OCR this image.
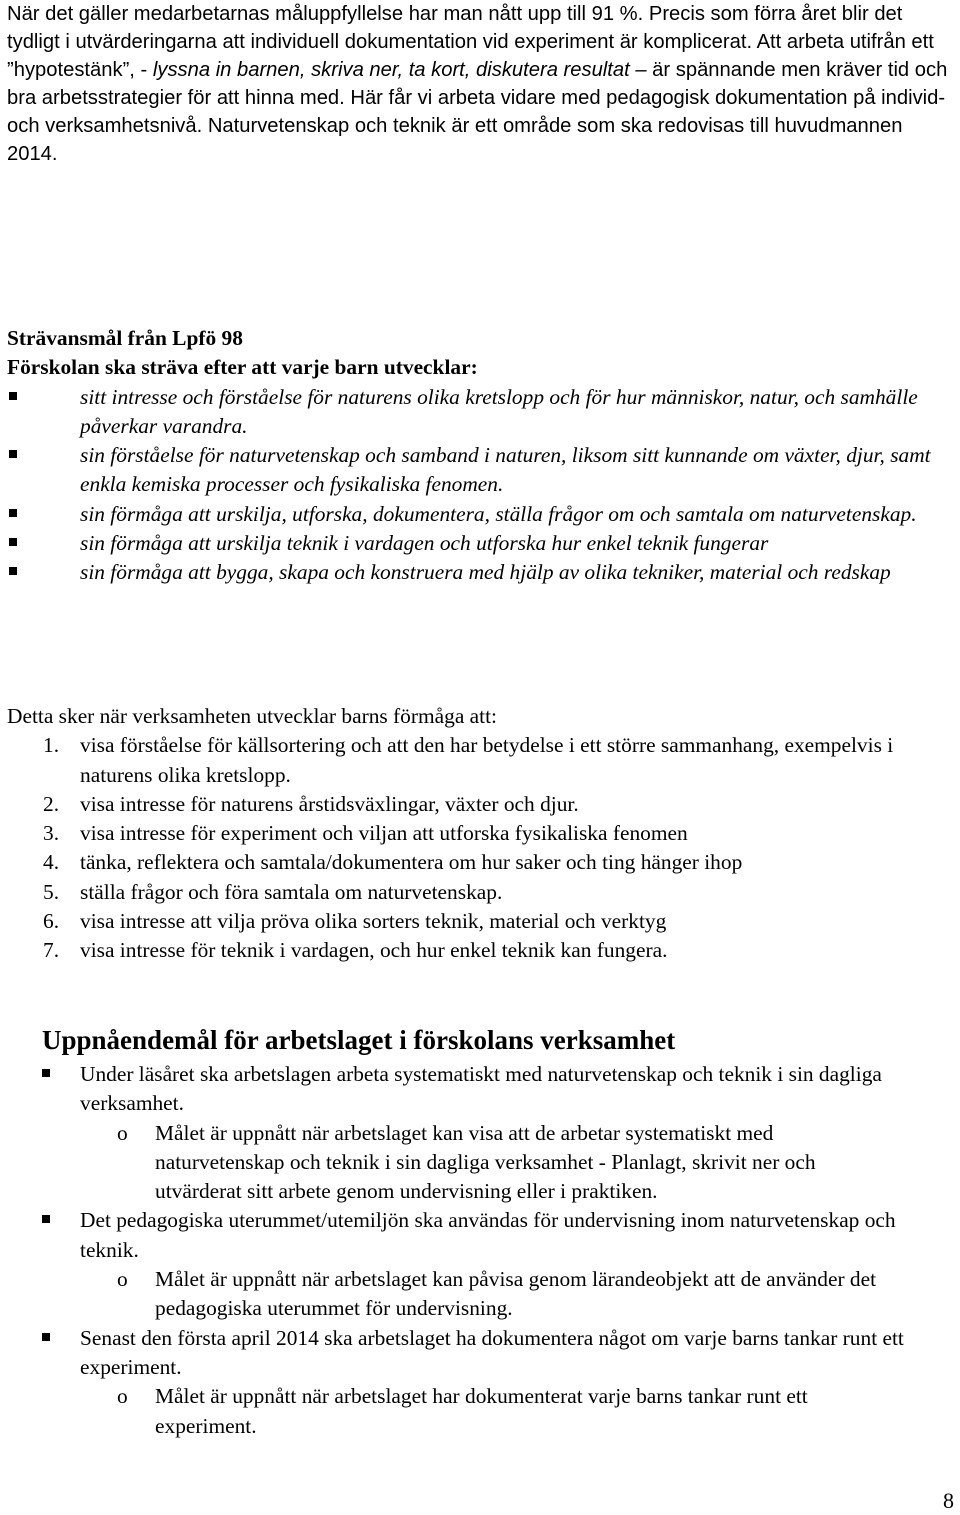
När det gäller medarbetarnas måluppfyllelse har man nått upp till 91 %. Precis som förra året blir det tydligt i utvärderingarna att individuell dokumentation vid experiment är komplicerat. Att arbeta utifrån ett ”hypotestänk”, - lyssna in barnen, skriva ner, ta kort, diskutera resultat – är spännande men kräver tid och bra arbetsstrategier för att hinna med. Här får vi arbeta vidare med pedagogisk dokumentation på individ- och verksamhetsnivå. Naturvetenskap och teknik är ett område som ska redovisas till huvudmannen 2014.
Strävansmål från Lpfö 98
Förskolan ska sträva efter att varje barn utvecklar:
sitt intresse och förståelse för naturens olika kretslopp och för hur människor, natur, och samhälle påverkar varandra.
sin förståelse för naturvetenskap och samband i naturen, liksom sitt kunnande om växter, djur, samt enkla kemiska processer och fysikaliska fenomen.
sin förmåga att urskilja, utforska, dokumentera, ställa frågor om och samtala om naturvetenskap.
sin förmåga att urskilja teknik i vardagen och utforska hur enkel teknik fungerar
sin förmåga att bygga, skapa och konstruera med hjälp av olika tekniker, material och redskap
Detta sker när verksamheten utvecklar barns förmåga att:
1. visa förståelse för källsortering och att den har betydelse i ett större sammanhang, exempelvis i naturens olika kretslopp.
2. visa intresse för naturens årstidsväxlingar, växter och djur.
3. visa intresse för experiment och viljan att utforska fysikaliska fenomen
4. tänka, reflektera och samtala/dokumentera om hur saker och ting hänger ihop
5. ställa frågor och föra samtala om naturvetenskap.
6. visa intresse att vilja pröva olika sorters teknik, material och verktyg
7. visa intresse för teknik i vardagen, och hur enkel teknik kan fungera.
Uppnåendemål för arbetslaget i förskolans verksamhet
Under läsåret ska arbetslagen arbeta systematiskt med naturvetenskap och teknik i sin dagliga verksamhet.
o Målet är uppnått när arbetslaget kan visa att de arbetar systematiskt med naturvetenskap och teknik i sin dagliga verksamhet - Planlagt, skrivit ner och utvärderat sitt arbete genom undervisning eller i praktiken.
Det pedagogiska uterummet/utemiljön ska användas för undervisning inom naturvetenskap och teknik.
o Målet är uppnått när arbetslaget kan påvisa genom lärandeobjekt att de använder det pedagogiska uterummet för undervisning.
Senast den första april 2014 ska arbetslaget ha dokumentera något om varje barns tankar runt ett experiment.
o Målet är uppnått när arbetslaget har dokumenterat varje barns tankar runt ett experiment.
8
